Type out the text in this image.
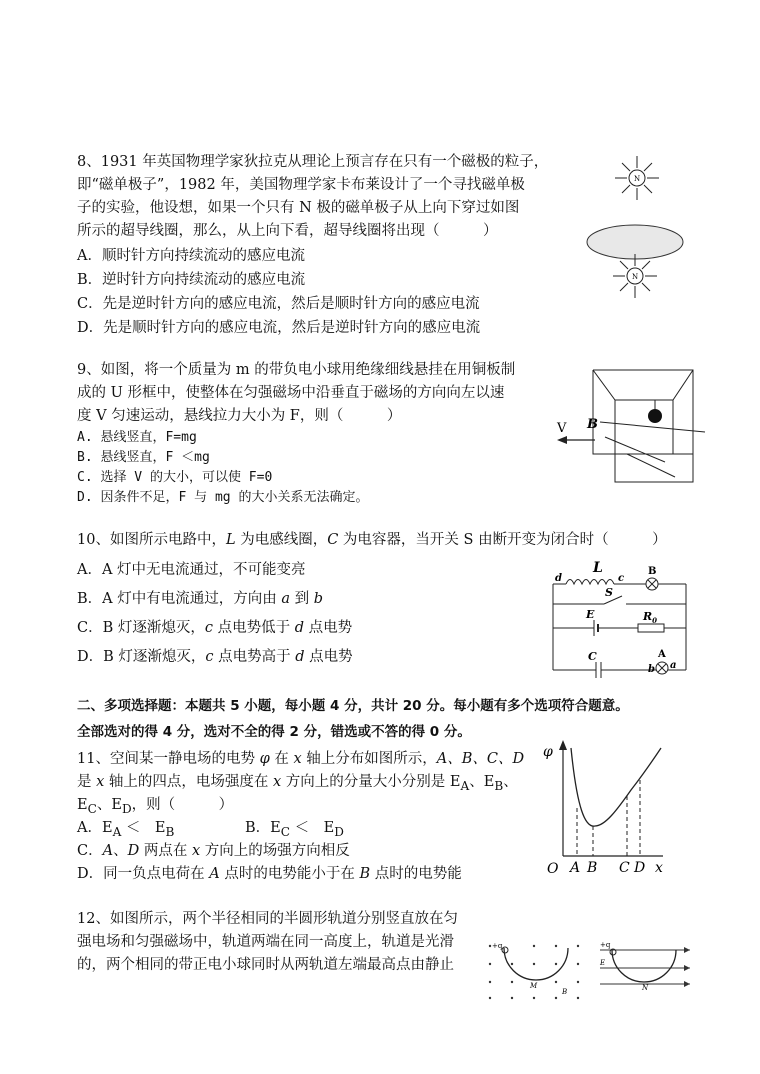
8、1931 年英国物理学家狄拉克从理论上预言存在只有一个磁极的粒子，
即“磁单极子”，1982 年，美国物理学家卡布莱设计了一个寻找磁单极
子的实验，他设想，如果一个只有 N 极的磁单极子从上向下穿过如图
所示的超导线圈，那么，从上向下看，超导线圈将出现（　　　）
A．顺时针方向持续流动的感应电流
B．逆时针方向持续流动的感应电流
C．先是逆时针方向的感应电流，然后是顺时针方向的感应电流
D．先是顺时针方向的感应电流，然后是逆时针方向的感应电流
N
N
9、如图，将一个质量为 m 的带负电小球用绝缘细线悬挂在用铜板制
成的 U 形框中，使整体在匀强磁场中沿垂直于磁场的方向向左以速
度 V 匀速运动，悬线拉力大小为 F，则（　　　）
A. 悬线竖直，F=mg
B. 悬线竖直，F ＜mg
C. 选择 V 的大小，可以使 F=0
D. 因条件不足，F 与 mg 的大小关系无法确定。
V B
10、如图所示电路中，L 为电感线圈，C 为电容器，当开关 S 由断开变为闭合时（　　　）
A．A 灯中无电流通过，不可能变亮
B．A 灯中有电流通过，方向由 a 到 b
C．B 灯逐渐熄灭，c 点电势低于 d 点电势
D．B 灯逐渐熄灭，c 点电势高于 d 点电势
L
d	c
B
S
E	$R_0$
C	A
b a
二、多项选择题：本题共 5 小题，每小题 4 分，共计 20 分。每小题有多个选项符合题意。
全部选对的得 4 分，选对不全的得 2 分，错选或不答的得 0 分。
11、空间某一静电场的电势 φ 在 x 轴上分布如图所示，A、B、C、D
是 x 轴上的四点，电场强度在 x 方向上的分量大小分别是 $E_A$、$E_B$、
$E_C$、$E_D$，则（　　　）
A．$E_A$ ＜　$E_B$	B．$E_C$ ＜　$E_D$
C．A、D 两点在 x 方向上的场强方向相反
D．同一负点电荷在 A 点时的电势能小于在 B 点时的电势能
φ
O A B C D x
12、如图所示，两个半径相同的半圆形轨道分别竖直放在匀
强电场和匀强磁场中，轨道两端在同一高度上，轨道是光滑
的，两个相同的带正电小球同时从两轨道左端最高点由静止
+q
M
B
+q
E
N
